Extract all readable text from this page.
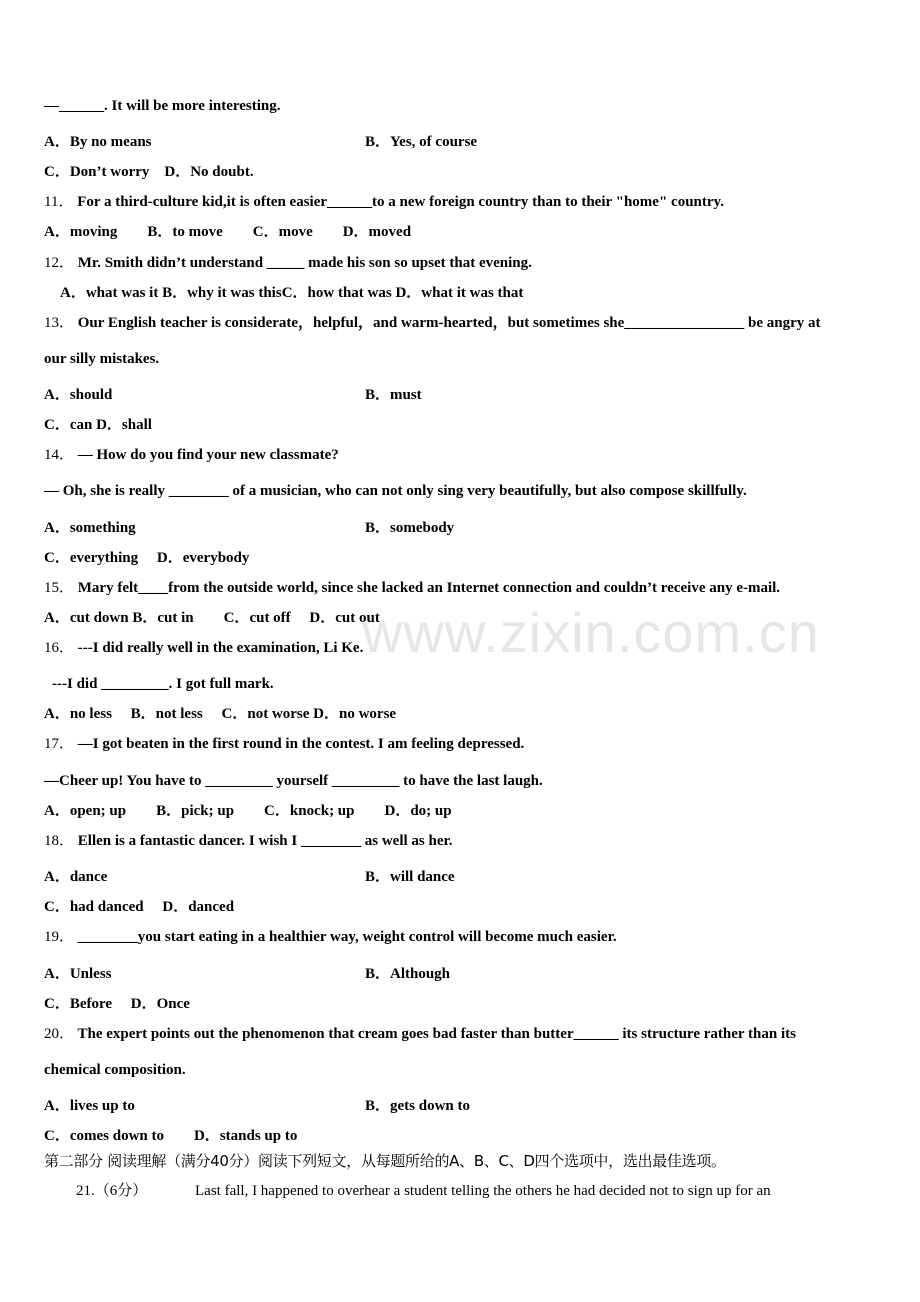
www.zixin.com.cn
—______. It will be more interesting.
A．By no means	B．Yes, of course
C．Don’t worry　D．No doubt.
11． For a third-culture kid,it is often easier______to a new foreign country than to their "home" country.
A．moving　　B．to move　　C．move　　D．moved
12． Mr. Smith didn’t understand _____ made his son so upset that evening.
A．what was it B．why it was thisC．how that was D．what it was that
13． Our English teacher is considerate，helpful，and warm-hearted，but sometimes she________________ be angry at
our silly mistakes.
A．should	B．must
C．can D．shall
14． — How do you find your new classmate?
— Oh, she is really ________ of a musician, who can not only sing very beautifully, but also compose skillfully.
A．something	B．somebody
C．everything　 D．everybody
15． Mary felt____from the outside world, since she lacked an Internet connection and couldn’t receive any e-mail.
A．cut down B．cut in　　C．cut off　 D．cut out
16． ---I did really well in the examination, Li Ke.
---I did _________. I got full mark.
A．no less　 B．not less　 C．not worse D．no worse
17． —I got beaten in the first round in the contest. I am feeling depressed.
—Cheer up! You have to _________ yourself _________ to have the last laugh.
A．open; up　　B．pick; up　　C．knock; up　　D．do; up
18． Ellen is a fantastic dancer. I wish I ________ as well as her.
A．dance	B．will dance
C．had danced　 D．danced
19． ________you start eating in a healthier way, weight control will become much easier.
A．Unless	B．Although
C．Before　 D．Once
20． The expert points out the phenomenon that cream goes bad faster than butter______ its structure rather than its
chemical composition.
A．lives up to	B．gets down to
C．comes down to　　D．stands up to
第二部分 阅读理解（满分40分）阅读下列短文，从每题所给的A、B、C、D四个选项中，选出最佳选项。
21.（6分）	Last fall, I happened to overhear a student telling the others he had decided not to sign up for an
